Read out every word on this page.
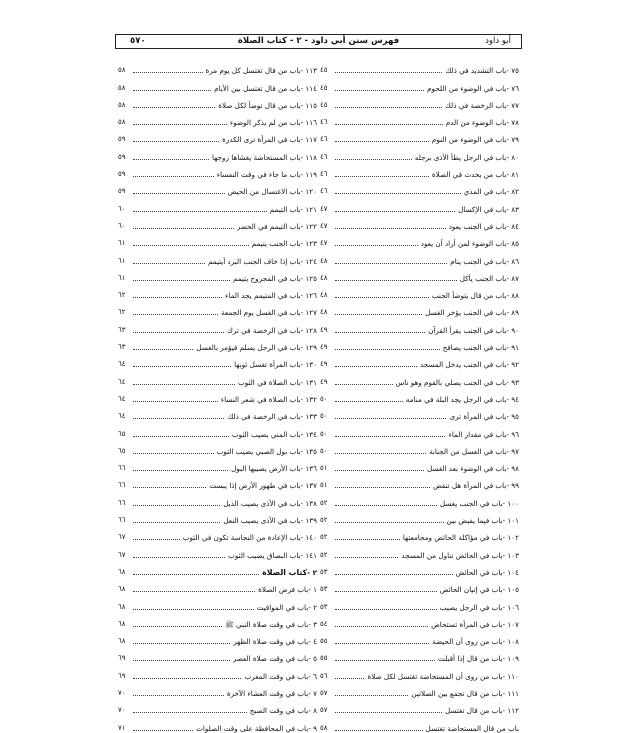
٥٧٠	فهرس سنن أبي داود - ٢ - كتاب الصلاة	أبو داود
١١٣ -
باب من قال تغتسل كل يوم مرة
٥٨
١١٤ -
باب من قال تغتسل بين الأيام
٥٨
١١٥ -
باب من قال توضأ لكل صلاة
٥٨
١١٦ -
باب من لم يذكر الوضوء
٥٨
١١٧ -
باب في المرأة ترى الكدرة
٥٩
١١٨ -
باب المستحاضة يغشاها زوجها
٥٩
١١٩ -
باب ما جاء في وقت النفساء
٥٩
١٢٠ -
باب الاغتسال من الحيض
٥٩
١٢١ -
باب التيمم
٦٠
١٢٢ -
باب التيمم في الحضر
٦٠
١٢٣ -
باب الجنب يتيمم
٦١
١٢٤ -
باب إذا خاف الجنب البرد أيتيمم
٦١
١٢٥ -
باب في المجروح يتيمم
٦١
١٢٦ -
باب في المتيمم يجد الماء
٦٢
١٢٧ -
باب في الغسل يوم الجمعة
٦٢
١٢٨ -
باب في الرخصة في ترك
٦٣
١٢٩ -
باب في الرجل يسلم فيؤمر بالغسل
٦٣
١٣٠ -
باب المرأة تغسل ثوبها
٦٤
١٣١ -
باب الصلاة في الثوب
٦٤
١٣٢ -
باب الصلاة في شعر النساء
٦٤
١٣٣ -
باب في الرخصة في ذلك
٦٤
١٣٤ -
باب المني يصيب الثوب
٦٥
١٣٥ -
باب بول الصبي يصيب الثوب
٦٥
١٣٦ -
باب الأرض يصيبها البول
٦٦
١٣٧ -
باب في طهور الأرض إذا يبست
٦٦
١٣٨ -
باب في الأذى يصيب الذيل
٦٦
١٣٩ -
باب في الأذى يصيب النعل
٦٦
١٤٠ -
باب الإعادة من النجاسة تكون في الثوب
٦٧
١٤١ -
باب البصاق يصيب الثوب
٦٧
٢ -
كتاب الصلاة
٦٨
١ -
باب فرض الصلاة
٦٨
٢ -
باب في المواقيت
٦٨
٣ -
باب في وقت صلاة النبي ﷺ
٦٨
٤ -
باب في وقت صلاة الظهر
٦٨
٥ -
باب في وقت صلاة العصر
٦٩
٦ -
باب في وقت المغرب
٦٩
٧ -
باب في وقت العشاء الآخرة
٧٠
٨ -
باب في وقت الصبح
٧٠
٩ -
باب في المحافظة على وقت الصلوات
٧١
٧٥ -
باب التشديد في ذلك
٤٥
٧٦ -
باب في الوضوء من اللحوم
٤٥
٧٧ -
باب الرخصة في ذلك
٤٥
٧٨ -
باب الوضوء من الدم
٤٦
٧٩ -
باب في الوضوء من النوم
٤٦
٨٠ -
باب في الرجل يطأ الأذى برجله
٤٦
٨١ -
باب من يحدث في الصلاة
٤٦
٨٢ -
باب في المذي
٤٦
٨٣ -
باب في الإكسال
٤٧
٨٤ -
باب في الجنب يعود
٤٧
٨٥ -
باب الوضوء لمن أراد أن يعود
٤٧
٨٦ -
باب في الجنب ينام
٤٨
٨٧ -
باب الجنب يأكل
٤٨
٨٨ -
باب من قال يتوضأ الجنب
٤٨
٨٩ -
باب في الجنب يؤخر الغسل
٤٨
٩٠ -
باب في الجنب يقرأ القرآن
٤٩
٩١ -
باب في الجنب يصافح
٤٩
٩٢ -
باب في الجنب يدخل المسجد
٤٩
٩٣ -
باب في الجنب يصلي بالقوم وهو ناس
٤٩
٩٤ -
باب في الرجل يجد البلة في منامه
٥٠
٩٥ -
باب في المرأة ترى
٥٠
٩٦ -
باب في مقدار الماء
٥٠
٩٧ -
باب في الغسل من الجنابة
٥٠
٩٨ -
باب في الوضوء بعد الغسل
٥١
٩٩ -
باب في المرأة هل تنقض
٥١
١٠٠ -
باب في الجنب يغسل
٥٢
١٠١ -
باب فيما يفيض بين
٥٢
١٠٢ -
باب في مؤاكلة الحائض ومجامعتها
٥٢
١٠٣ -
باب في الحائض تناول من المسجد
٥٢
١٠٤ -
باب في الحائض
٥٣
١٠٥ -
باب في إتيان الحائض
٥٣
١٠٦ -
باب في الرجل يصيب
٥٣
١٠٧ -
باب في المرأة تستحاض
٥٤
١٠٨ -
باب من روى أن الحيضة
٥٥
١٠٩ -
باب من قال إذا أقبلت
٥٥
١١٠ -
باب من روى أن المستحاضة تغتسل لكل صلاة
٥٦
١١١ -
باب من قال تجمع بين الصلاتين
٥٧
١١٢ -
باب من قال تغتسل
٥٧
باب من قال المستحاضة تغتسل
٥٨
